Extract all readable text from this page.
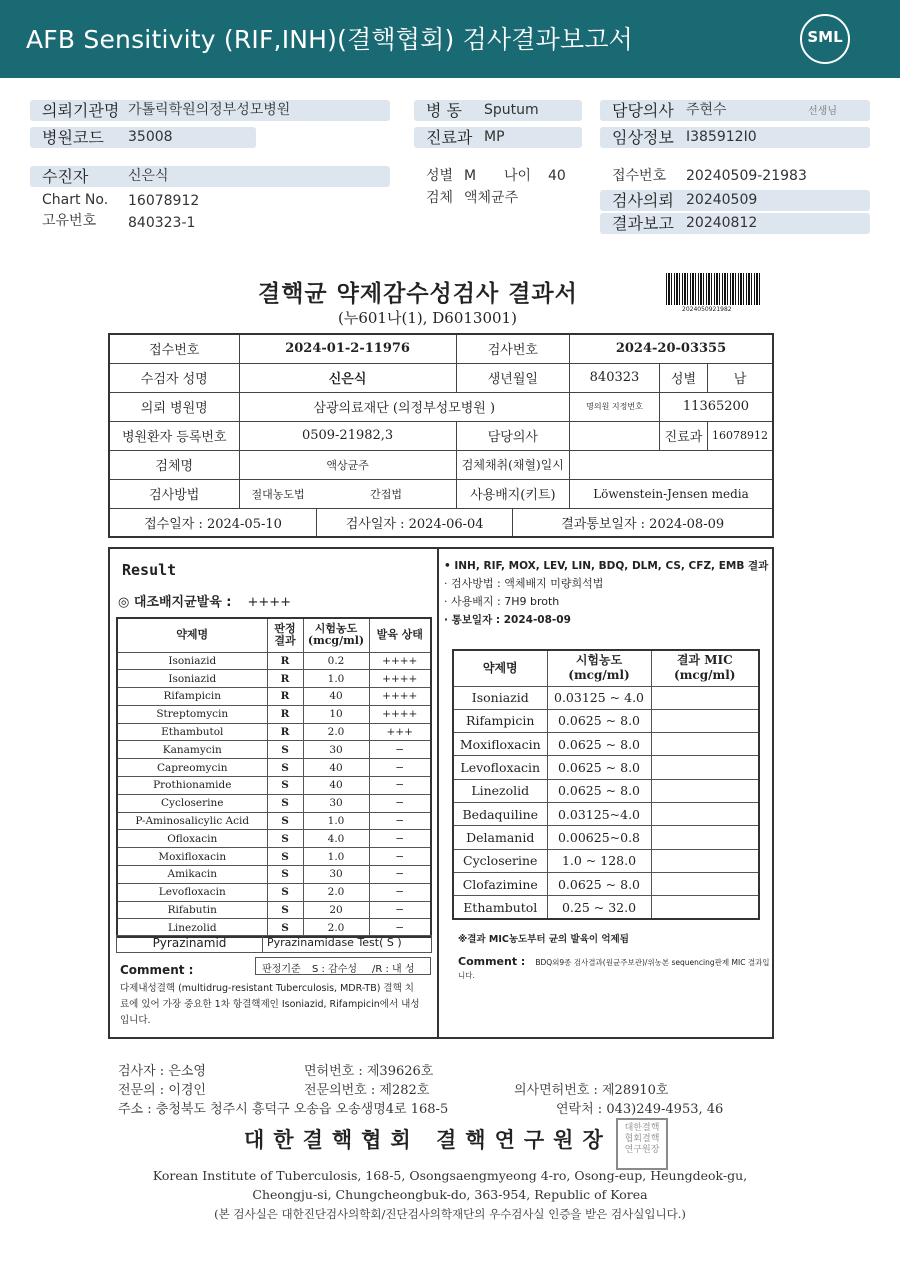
AFB Sensitivity (RIF,INH)(결핵협회) 검사결과보고서	SML
의뢰기관명 가톨릭학원의정부성모병원
병원코드	35008
병 동	Sputum
진료과 MP
담당의사 주현수	선생님
임상정보 I385912I0
수진자	신은식
Chart No. 16078912
고유번호 840323-1
성별 M 나이 40
검체 액체균주
접수번호 20240509-21983
검사의뢰 20240509
결과보고 20240812
결핵균 약제감수성검사 결과서
(누601나(1), D6013001)	2024050921982
접수번호	2024-01-2-11976		검사번호		2024-20-03355		
수검자 성명	신은식		생년월일		840323	성별	남
의뢰 병원명	삼광의료재단 (의정부성모병원 )				명의원 지정번호	11365200	
병원환자 등록번호	0509-21982,3		담당의사			진료과	16078912
검체명	액상균주		검체채취(채혈)일시				
검사방법	절대농도법	간접법	사용배지(키트)		Löwenstein-Jensen media		
접수일자 : 2024-05-10		검사일자 : 2024-06-04		결과통보일자 : 2024-08-09			
Result
◎ 대조배지균발육 : ++++
약제명	판정 결과	시험농도 (mcg/ml)	발육 상태
Isoniazid	R	0.2	++++
Isoniazid	R	1.0	++++
Rifampicin	R	40	++++
Streptomycin	R	10	++++
Ethambutol	R	2.0	+++
Kanamycin	S	30	−
Capreomycin	S	40	−
Prothionamide	S	40	−
Cycloserine	S	30	−
P-Aminosalicylic Acid	S	1.0	−
Ofloxacin	S	4.0	−
Moxifloxacin	S	1.0	−
Amikacin	S	30	−
Levofloxacin	S	2.0	−
Rifabutin	S	20	−
Linezolid	S	2.0	−
Pyrazinamid	Pyrazinamidase Test( S )
Comment :	판정기준 S : 감수성 /R : 내 성
다제내성결핵 (multidrug-resistant Tuberculosis, MDR-TB) 결핵 치료에 있어 가장 중요한 1차 항결핵제인 Isoniazid, Rifampicin에서 내성입니다.
• INH, RIF, MOX, LEV, LIN, BDQ, DLM, CS, CFZ, EMB 결과
· 검사방법 : 액체배지 미량희석법
· 사용배지 : 7H9 broth
· 통보일자 : 2024-08-09
약제명	시험농도 (mcg/ml)	결과 MIC (mcg/ml)
Isoniazid	0.03125 ~ 4.0	
Rifampicin	0.0625 ~ 8.0	
Moxifloxacin	0.0625 ~ 8.0	
Levofloxacin	0.0625 ~ 8.0	
Linezolid	0.0625 ~ 8.0	
Bedaquiline	0.03125~4.0	
Delamanid	0.00625~0.8	
Cycloserine	1.0 ~ 128.0	
Clofazimine	0.0625 ~ 8.0	
Ethambutol	0.25 ~ 32.0	
※결과 MIC농도부터 균의 발육이 억제됨
Comment : BDQ외9종 검사결과(원균주보관)/위농본 sequencing판제 MIC 결과입니다.
검사자 : 은소영	면허번호 : 제39626호
전문의 : 이경인	전문의번호 : 제282호	의사면허번호 : 제28910호
주소 : 충청북도 청주시 흥덕구 오송읍 오송생명4로 168-5	연락처 : 043)249-4953, 46
대한결핵협회 결핵연구원장	대한결핵협회결핵연구원장
Korean Institute of Tuberculosis, 168-5, Osongsaengmyeong 4-ro, Osong-eup, Heungdeok-gu,
Cheongju-si, Chungcheongbuk-do, 363-954, Republic of Korea
(본 검사실은 대한진단검사의학회/진단검사의학재단의 우수검사실 인증을 받은 검사실입니다.)
